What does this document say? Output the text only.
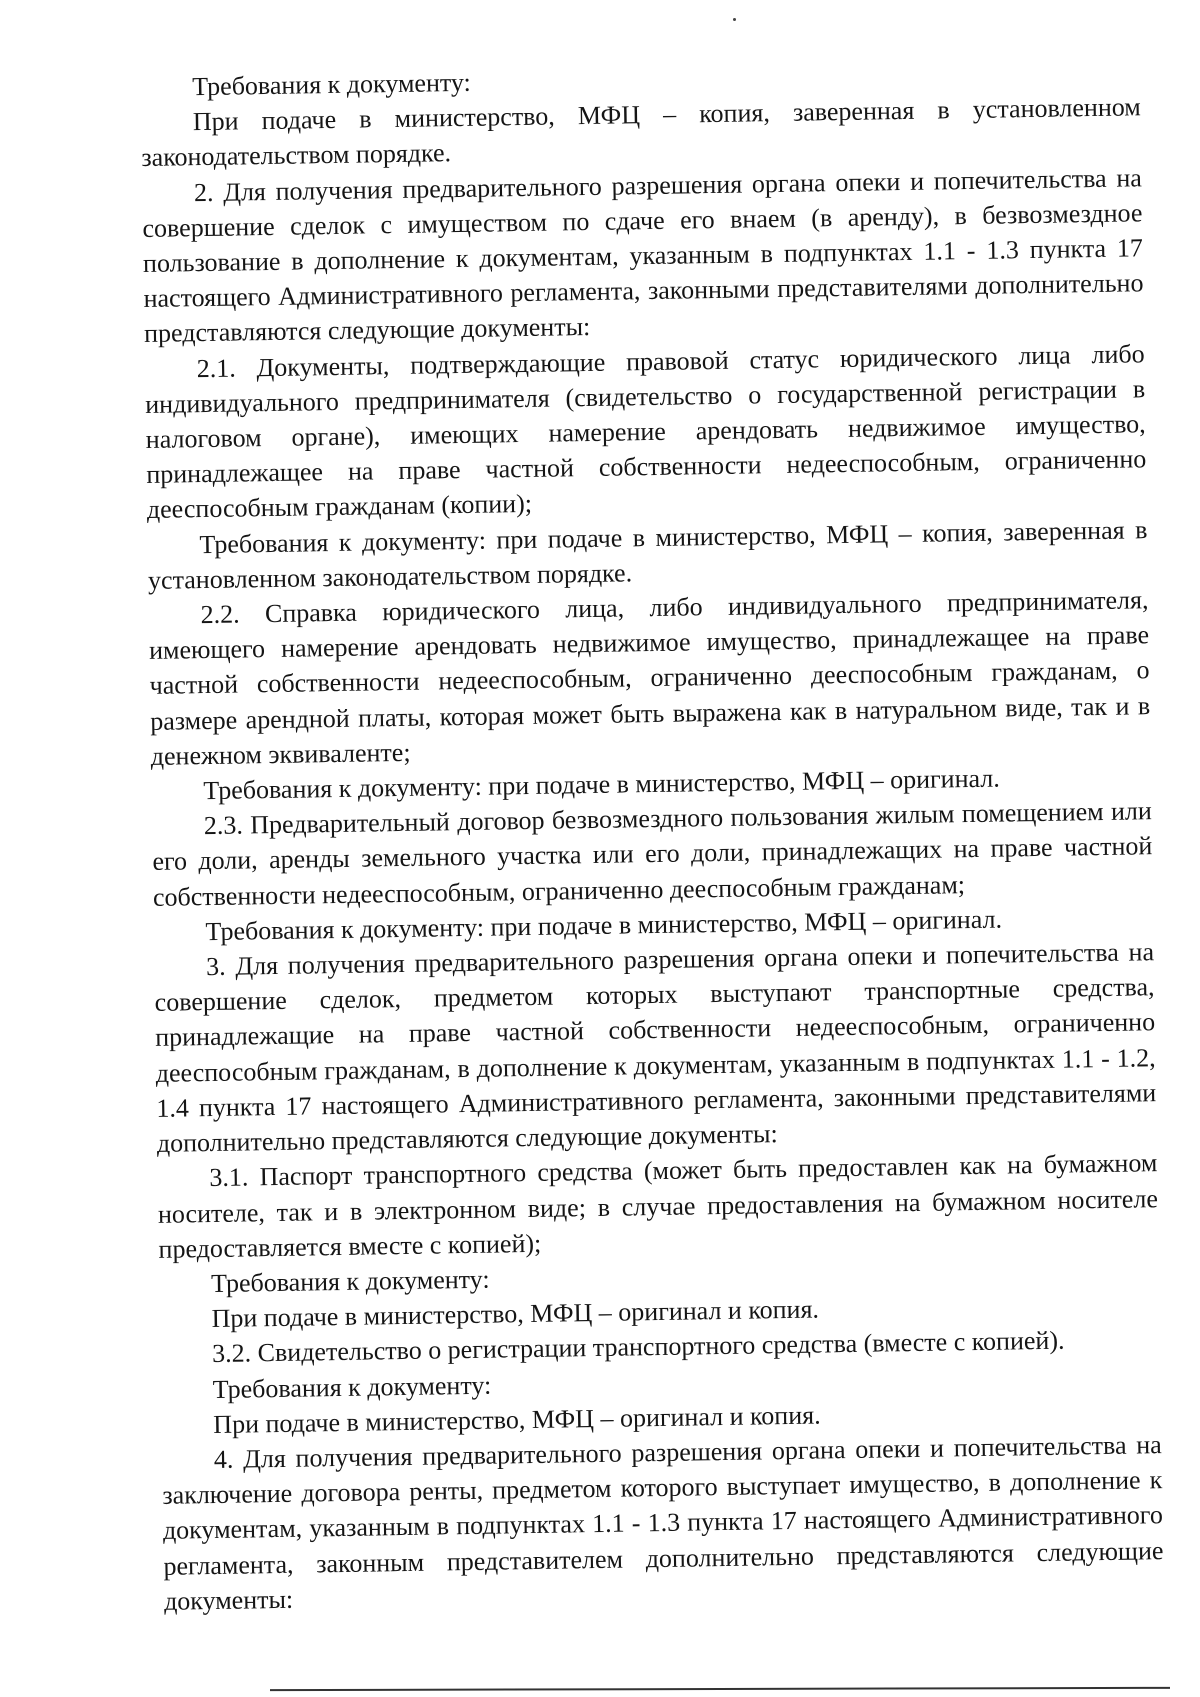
Требования к документу:

При подаче в министерство, МФЦ – копия, заверенная в установленном законодательством порядке.

2. Для получения предварительного разрешения органа опеки и попечительства на совершение сделок с имуществом по сдаче его внаем (в аренду), в безвозмездное пользование в дополнение к документам, указанным в подпунктах 1.1 - 1.3 пункта 17 настоящего Административного регламента, законными представителями дополнительно представляются следующие документы:

2.1. Документы, подтверждающие правовой статус юридического лица либо индивидуального предпринимателя (свидетельство о государственной регистрации в налоговом органе), имеющих намерение арендовать недвижимое имущество, принадлежащее на праве частной собственности недееспособным, ограниченно дееспособным гражданам (копии);

Требования к документу: при подаче в министерство, МФЦ – копия, заверенная в установленном законодательством порядке.

2.2. Справка юридического лица, либо индивидуального предпринимателя, имеющего намерение арендовать недвижимое имущество, принадлежащее на праве частной собственности недееспособным, ограниченно дееспособным гражданам, о размере арендной платы, которая может быть выражена как в натуральном виде, так и в денежном эквиваленте;

Требования к документу: при подаче в министерство, МФЦ – оригинал.

2.3. Предварительный договор безвозмездного пользования жилым помещением или его доли, аренды земельного участка или его доли, принадлежащих на праве частной собственности недееспособным, ограниченно дееспособным гражданам;

Требования к документу: при подаче в министерство, МФЦ – оригинал.

3. Для получения предварительного разрешения органа опеки и попечительства на совершение сделок, предметом которых выступают транспортные средства, принадлежащие на праве частной собственности недееспособным, ограниченно дееспособным гражданам, в дополнение к документам, указанным в подпунктах 1.1 - 1.2, 1.4 пункта 17 настоящего Административного регламента, законными представителями дополнительно представляются следующие документы:

3.1. Паспорт транспортного средства (может быть предоставлен как на бумажном носителе, так и в электронном виде; в случае предоставления на бумажном носителе предоставляется вместе с копией);

Требования к документу:

При подаче в министерство, МФЦ – оригинал и копия.

3.2. Свидетельство о регистрации транспортного средства (вместе с копией).

Требования к документу:

При подаче в министерство, МФЦ – оригинал и копия.

4. Для получения предварительного разрешения органа опеки и попечительства на заключение договора ренты, предметом которого выступает имущество, в дополнение к документам, указанным в подпунктах 1.1 - 1.3 пункта 17 настоящего Административного регламента, законным представителем дополнительно представляются следующие документы:
